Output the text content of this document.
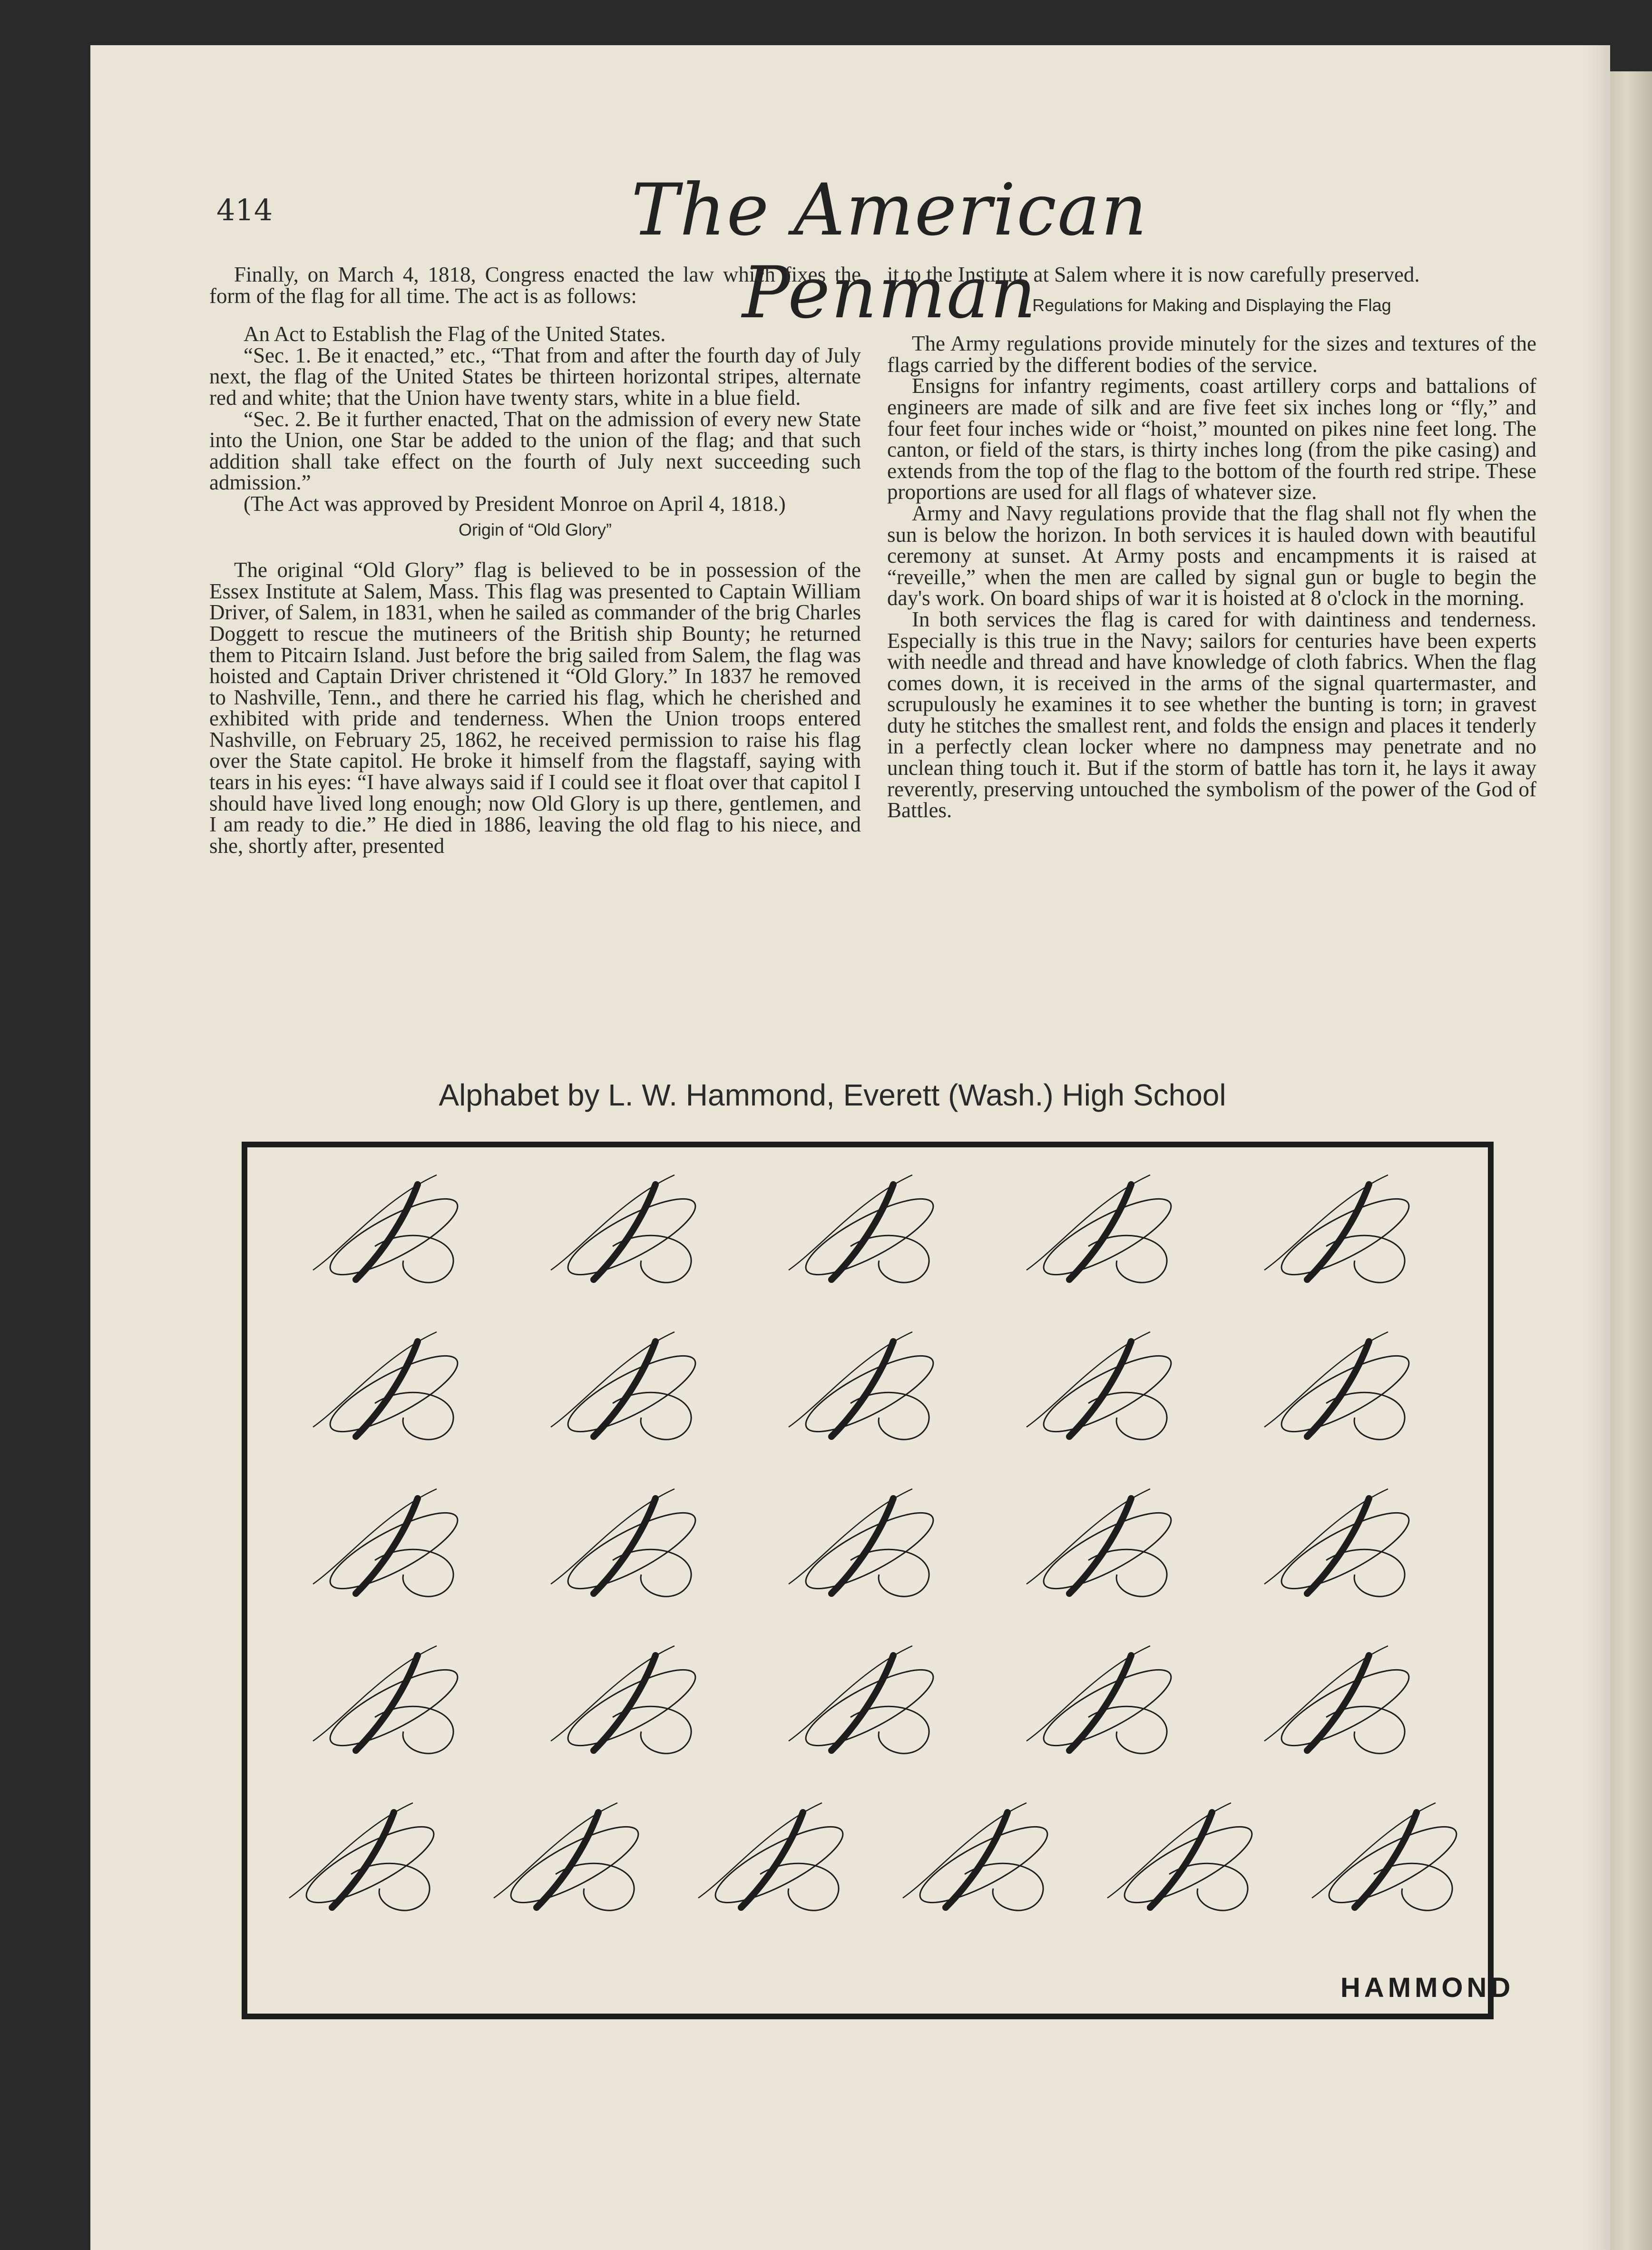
414	The American Penman

Finally, on March 4, 1818, Congress enacted the law which fixes the form of the flag for all time. The act is as follows:

An Act to Establish the Flag of the United States.

“Sec. 1. Be it enacted,” etc., “That from and after the fourth day of July next, the flag of the United States be thirteen horizontal stripes, alternate red and white; that the Union have twenty stars, white in a blue field.

“Sec. 2. Be it further enacted, That on the admission of every new State into the Union, one Star be added to the union of the flag; and that such addition shall take effect on the fourth of July next succeeding such admission.”

(The Act was approved by President Monroe on April 4, 1818.)

Origin of “Old Glory”

The original “Old Glory” flag is believed to be in possession of the Essex Institute at Salem, Mass. This flag was presented to Captain William Driver, of Salem, in 1831, when he sailed as commander of the brig Charles Doggett to rescue the mutineers of the British ship Bounty; he returned them to Pitcairn Island. Just before the brig sailed from Salem, the flag was hoisted and Captain Driver christened it “Old Glory.” In 1837 he removed to Nashville, Tenn., and there he carried his flag, which he cherished and exhibited with pride and tenderness. When the Union troops entered Nashville, on February 25, 1862, he received permission to raise his flag over the State capitol. He broke it himself from the flagstaff, saying with tears in his eyes: “I have always said if I could see it float over that capitol I should have lived long enough; now Old Glory is up there, gentlemen, and I am ready to die.” He died in 1886, leaving the old flag to his niece, and she, shortly after, presented

it to the Institute at Salem where it is now carefully preserved.

Regulations for Making and Displaying the Flag

The Army regulations provide minutely for the sizes and textures of the flags carried by the different bodies of the service.

Ensigns for infantry regiments, coast artillery corps and battalions of engineers are made of silk and are five feet six inches long or “fly,” and four feet four inches wide or “hoist,” mounted on pikes nine feet long. The canton, or field of the stars, is thirty inches long (from the pike casing) and extends from the top of the flag to the bottom of the fourth red stripe. These proportions are used for all flags of whatever size.

Army and Navy regulations provide that the flag shall not fly when the sun is below the horizon. In both services it is hauled down with beautiful ceremony at sunset. At Army posts and encampments it is raised at “reveille,” when the men are called by signal gun or bugle to begin the day's work. On board ships of war it is hoisted at 8 o'clock in the morning.

In both services the flag is cared for with daintiness and tenderness. Especially is this true in the Navy; sailors for centuries have been experts with needle and thread and have knowledge of cloth fabrics. When the flag comes down, it is received in the arms of the signal quartermaster, and scrupulously he examines it to see whether the bunting is torn; in gravest duty he stitches the smallest rent, and folds the ensign and places it tenderly in a perfectly clean locker where no dampness may penetrate and no unclean thing touch it. But if the storm of battle has torn it, he lays it away reverently, preserving untouched the symbolism of the power of the God of Battles.

Alphabet by L. W. Hammond, Everett (Wash.) High School
HAMMOND
